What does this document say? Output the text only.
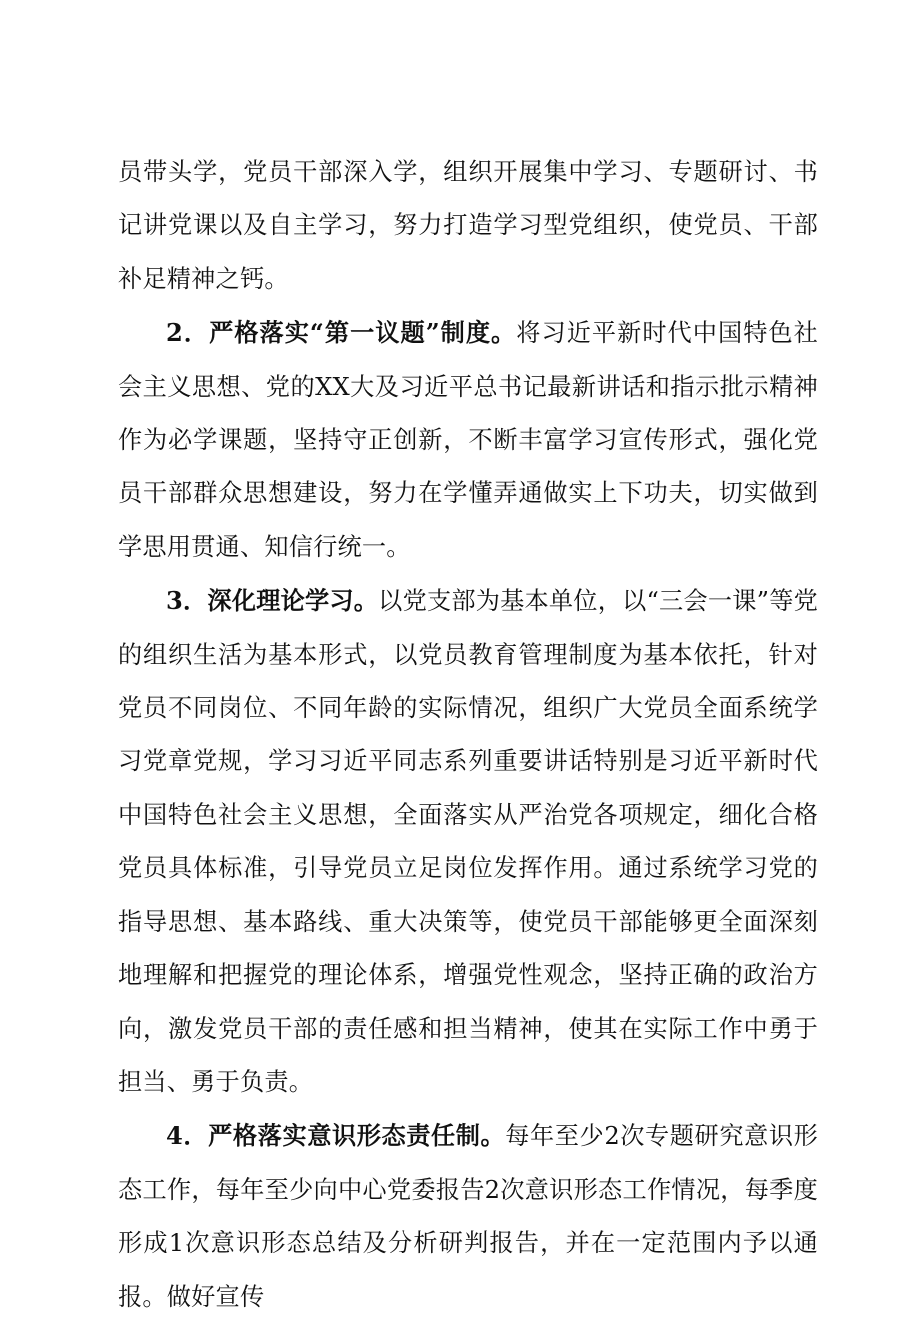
员带头学，党员干部深入学，组织开展集中学习、专题研讨、书记讲党课以及自主学习，努力打造学习型党组织，使党员、干部补足精神之钙。

2．严格落实“第一议题”制度。将习近平新时代中国特色社会主义思想、党的XX大及习近平总书记最新讲话和指示批示精神作为必学课题，坚持守正创新，不断丰富学习宣传形式，强化党员干部群众思想建设，努力在学懂弄通做实上下功夫，切实做到学思用贯通、知信行统一。

3．深化理论学习。以党支部为基本单位，以“三会一课”等党的组织生活为基本形式，以党员教育管理制度为基本依托，针对党员不同岗位、不同年龄的实际情况，组织广大党员全面系统学习党章党规，学习习近平同志系列重要讲话特别是习近平新时代中国特色社会主义思想，全面落实从严治党各项规定，细化合格党员具体标准，引导党员立足岗位发挥作用。通过系统学习党的指导思想、基本路线、重大决策等，使党员干部能够更全面深刻地理解和把握党的理论体系，增强党性观念，坚持正确的政治方向，激发党员干部的责任感和担当精神，使其在实际工作中勇于担当、勇于负责。

4．严格落实意识形态责任制。每年至少2次专题研究意识形态工作，每年至少向中心党委报告2次意识形态工作情况，每季度形成1次意识形态总结及分析研判报告，并在一定范围内予以通报。做好宣传
